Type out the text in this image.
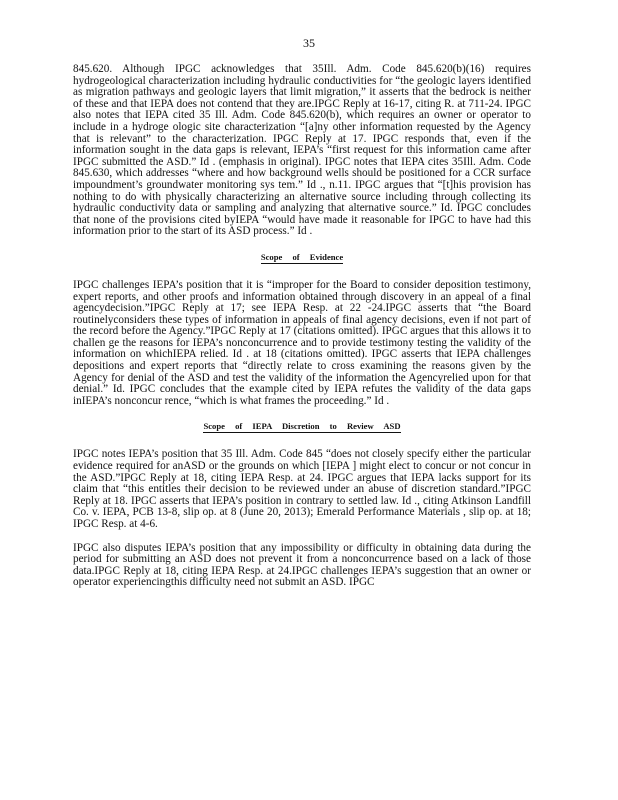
35

845.620. Although IPGC acknowledges that 35Ill. Adm. Code 845.620(b)(16) requires hydrogeological characterization including hydraulic conductivities for “the geologic layers identified as migration pathways and geologic layers that limit migration,” it asserts that the bedrock is neither of these and that IEPA does not contend that they are.IPGC Reply at 16-17, citing R. at 711-24. IPGC also notes that IEPA cited 35 Ill. Adm. Code 845.620(b), which requires an owner or operator to include in a hydroge ologic site characterization “[a]ny other information requested by the Agency that is relevant” to the characterization. IPGC Reply at 17. IPGC responds that, even if the information sought in the data gaps is relevant, IEPA’s “first request for this information came after IPGC submitted the ASD.” Id . (emphasis in original). IPGC notes that IEPA cites 35Ill. Adm. Code 845.630, which addresses “where and how background wells should be positioned for a CCR surface impoundment’s groundwater monitoring sys tem.” Id ., n.11. IPGC argues that “[t]his provision has nothing to do with physically characterizing an alternative source including through collecting its hydraulic conductivity data or sampling and analyzing that alternative source.” Id. IPGC concludes that none of the provisions cited byIEPA “would have made it reasonable for IPGC to have had this information prior to the start of its ASD process.” Id .

Scope of Evidence

IPGC challenges IEPA’s position that it is “improper for the Board to consider deposition testimony, expert reports, and other proofs and information obtained through discovery in an appeal of a final agencydecision.”IPGC Reply at 17; see IEPA Resp. at 22 -24.IPGC asserts that “the Board routinelyconsiders these types of information in appeals of final agency decisions, even if not part of the record before the Agency.”IPGC Reply at 17 (citations omitted). IPGC argues that this allows it to challen ge the reasons for IEPA’s nonconcurrence and to provide testimony testing the validity of the information on whichIEPA relied. Id . at 18 (citations omitted). IPGC asserts that IEPA challenges depositions and expert reports that “directly relate to cross examining the reasons given by the Agency for denial of the ASD and test the validity of the information the Agencyrelied upon for that denial.” Id. IPGC concludes that the example cited by IEPA refutes the validity of the data gaps inIEPA’s nonconcur rence, “which is what frames the proceeding.” Id .

Scope of IEPA Discretion to Review ASD

IPGC notes IEPA’s position that 35 Ill. Adm. Code 845 “does not closely specify either the particular evidence required for anASD or the grounds on which [IEPA ] might elect to concur or not concur in the ASD.”IPGC Reply at 18, citing IEPA Resp. at 24. IPGC argues that IEPA lacks support for its claim that “this entitles their decision to be reviewed under an abuse of discretion standard.”IPGC Reply at 18. IPGC asserts that IEPA’s position in contrary to settled law. Id ., citing Atkinson Landfill Co. v. IEPA, PCB 13-8, slip op. at 8 (June 20, 2013); Emerald Performance Materials , slip op. at 18; IPGC Resp. at 4-6.

IPGC also disputes IEPA’s position that any impossibility or difficulty in obtaining data during the period for submitting an ASD does not prevent it from a nonconcurrence based on a lack of those data.IPGC Reply at 18, citing IEPA Resp. at 24.IPGC challenges IEPA’s suggestion that an owner or operator experiencingthis difficulty need not submit an ASD. IPGC
